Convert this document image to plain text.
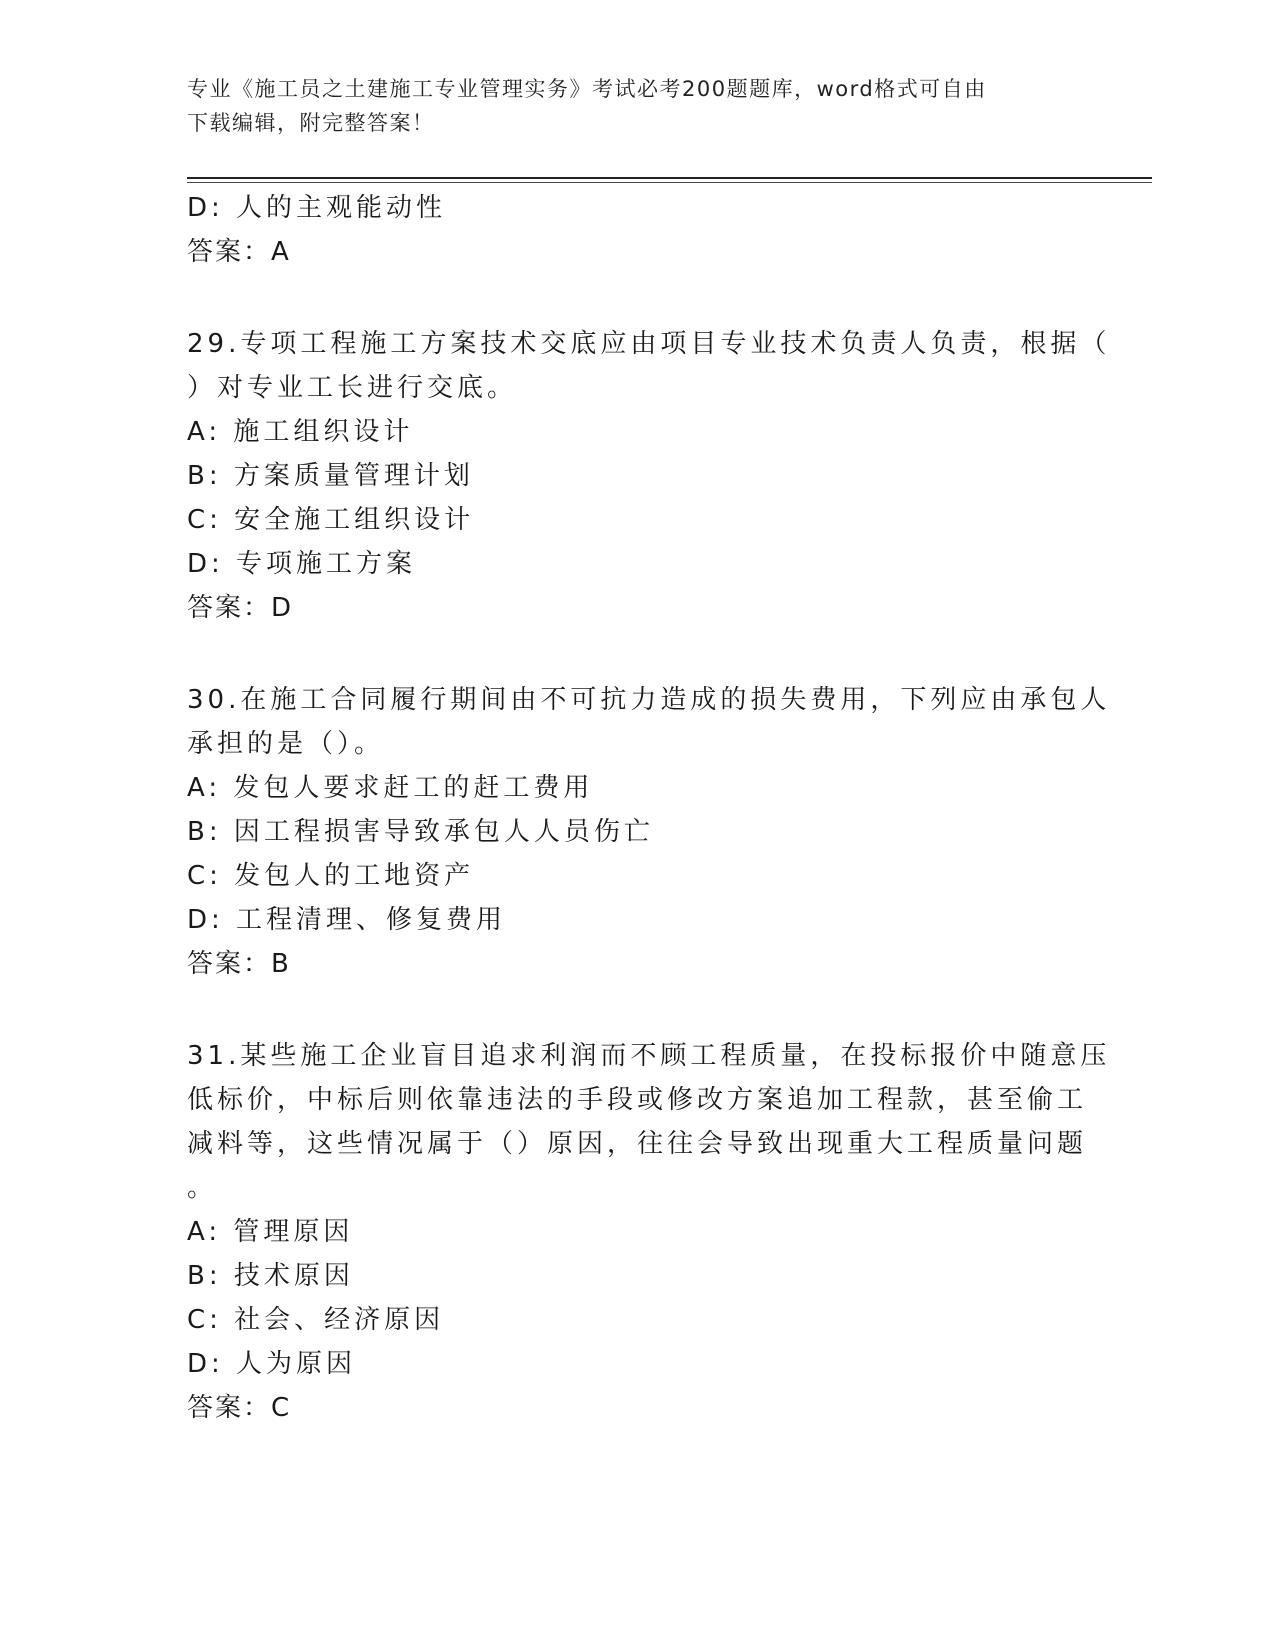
专业《施工员之土建施工专业管理实务》考试必考200题题库，word格式可自由
下载编辑，附完整答案！
D: 人的主观能动性
答案：A
29.专项工程施工方案技术交底应由项目专业技术负责人负责，根据（
）对专业工长进行交底。
A: 施工组织设计
B: 方案质量管理计划
C: 安全施工组织设计
D: 专项施工方案
答案：D
30.在施工合同履行期间由不可抗力造成的损失费用，下列应由承包人
承担的是（）。
A: 发包人要求赶工的赶工费用
B: 因工程损害导致承包人人员伤亡
C: 发包人的工地资产
D: 工程清理、修复费用
答案：B
31.某些施工企业盲目追求利润而不顾工程质量，在投标报价中随意压
低标价，中标后则依靠违法的手段或修改方案追加工程款，甚至偷工
减料等，这些情况属于（）原因，往往会导致出现重大工程质量问题
。
A: 管理原因
B: 技术原因
C: 社会、经济原因
D: 人为原因
答案：C
